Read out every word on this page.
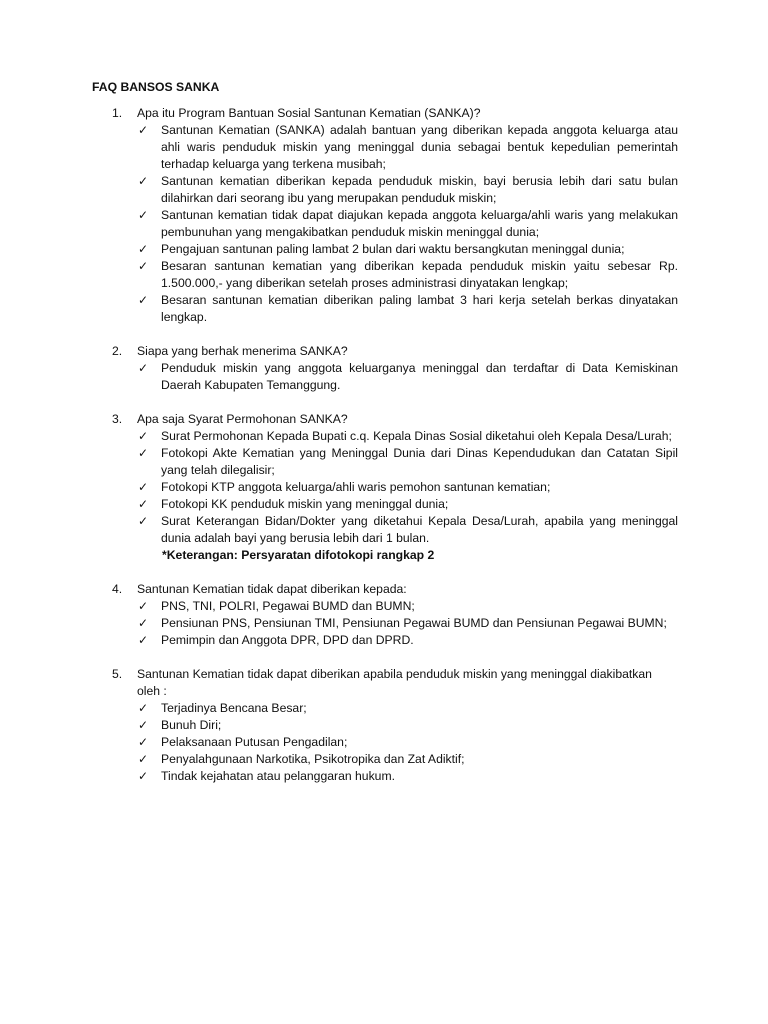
FAQ BANSOS SANKA
1. Apa itu Program Bantuan Sosial Santunan Kematian (SANKA)?
✓ Santunan Kematian (SANKA) adalah bantuan yang diberikan kepada anggota keluarga atau ahli waris penduduk miskin yang meninggal dunia sebagai bentuk kepedulian pemerintah terhadap keluarga yang terkena musibah;
✓ Santunan kematian diberikan kepada penduduk miskin, bayi berusia lebih dari satu bulan dilahirkan dari seorang ibu yang merupakan penduduk miskin;
✓ Santunan kematian tidak dapat diajukan kepada anggota keluarga/ahli waris yang melakukan pembunuhan yang mengakibatkan penduduk miskin meninggal dunia;
✓ Pengajuan santunan paling lambat 2 bulan dari waktu bersangkutan meninggal dunia;
✓ Besaran santunan kematian yang diberikan kepada penduduk miskin yaitu sebesar Rp. 1.500.000,- yang diberikan setelah proses administrasi dinyatakan lengkap;
✓ Besaran santunan kematian diberikan paling lambat 3 hari kerja setelah berkas dinyatakan lengkap.
2. Siapa yang berhak menerima SANKA?
✓ Penduduk miskin yang anggota keluarganya meninggal dan terdaftar di Data Kemiskinan Daerah Kabupaten Temanggung.
3. Apa saja Syarat Permohonan SANKA?
✓ Surat Permohonan Kepada Bupati c.q. Kepala Dinas Sosial diketahui oleh Kepala Desa/Lurah;
✓ Fotokopi Akte Kematian yang Meninggal Dunia dari Dinas Kependudukan dan Catatan Sipil yang telah dilegalisir;
✓ Fotokopi KTP anggota keluarga/ahli waris pemohon santunan kematian;
✓ Fotokopi KK penduduk miskin yang meninggal dunia;
✓ Surat Keterangan Bidan/Dokter yang diketahui Kepala Desa/Lurah, apabila yang meninggal dunia adalah bayi yang berusia lebih dari 1 bulan.
*Keterangan: Persyaratan difotokopi rangkap 2
4. Santunan Kematian tidak dapat diberikan kepada:
✓ PNS, TNI, POLRI, Pegawai BUMD dan BUMN;
✓ Pensiunan PNS, Pensiunan TMI, Pensiunan Pegawai BUMD dan Pensiunan Pegawai BUMN;
✓ Pemimpin dan Anggota DPR, DPD dan DPRD.
5. Santunan Kematian tidak dapat diberikan apabila penduduk miskin yang meninggal diakibatkan oleh :
✓ Terjadinya Bencana Besar;
✓ Bunuh Diri;
✓ Pelaksanaan Putusan Pengadilan;
✓ Penyalahgunaan Narkotika, Psikotropika dan Zat Adiktif;
✓ Tindak kejahatan atau pelanggaran hukum.
